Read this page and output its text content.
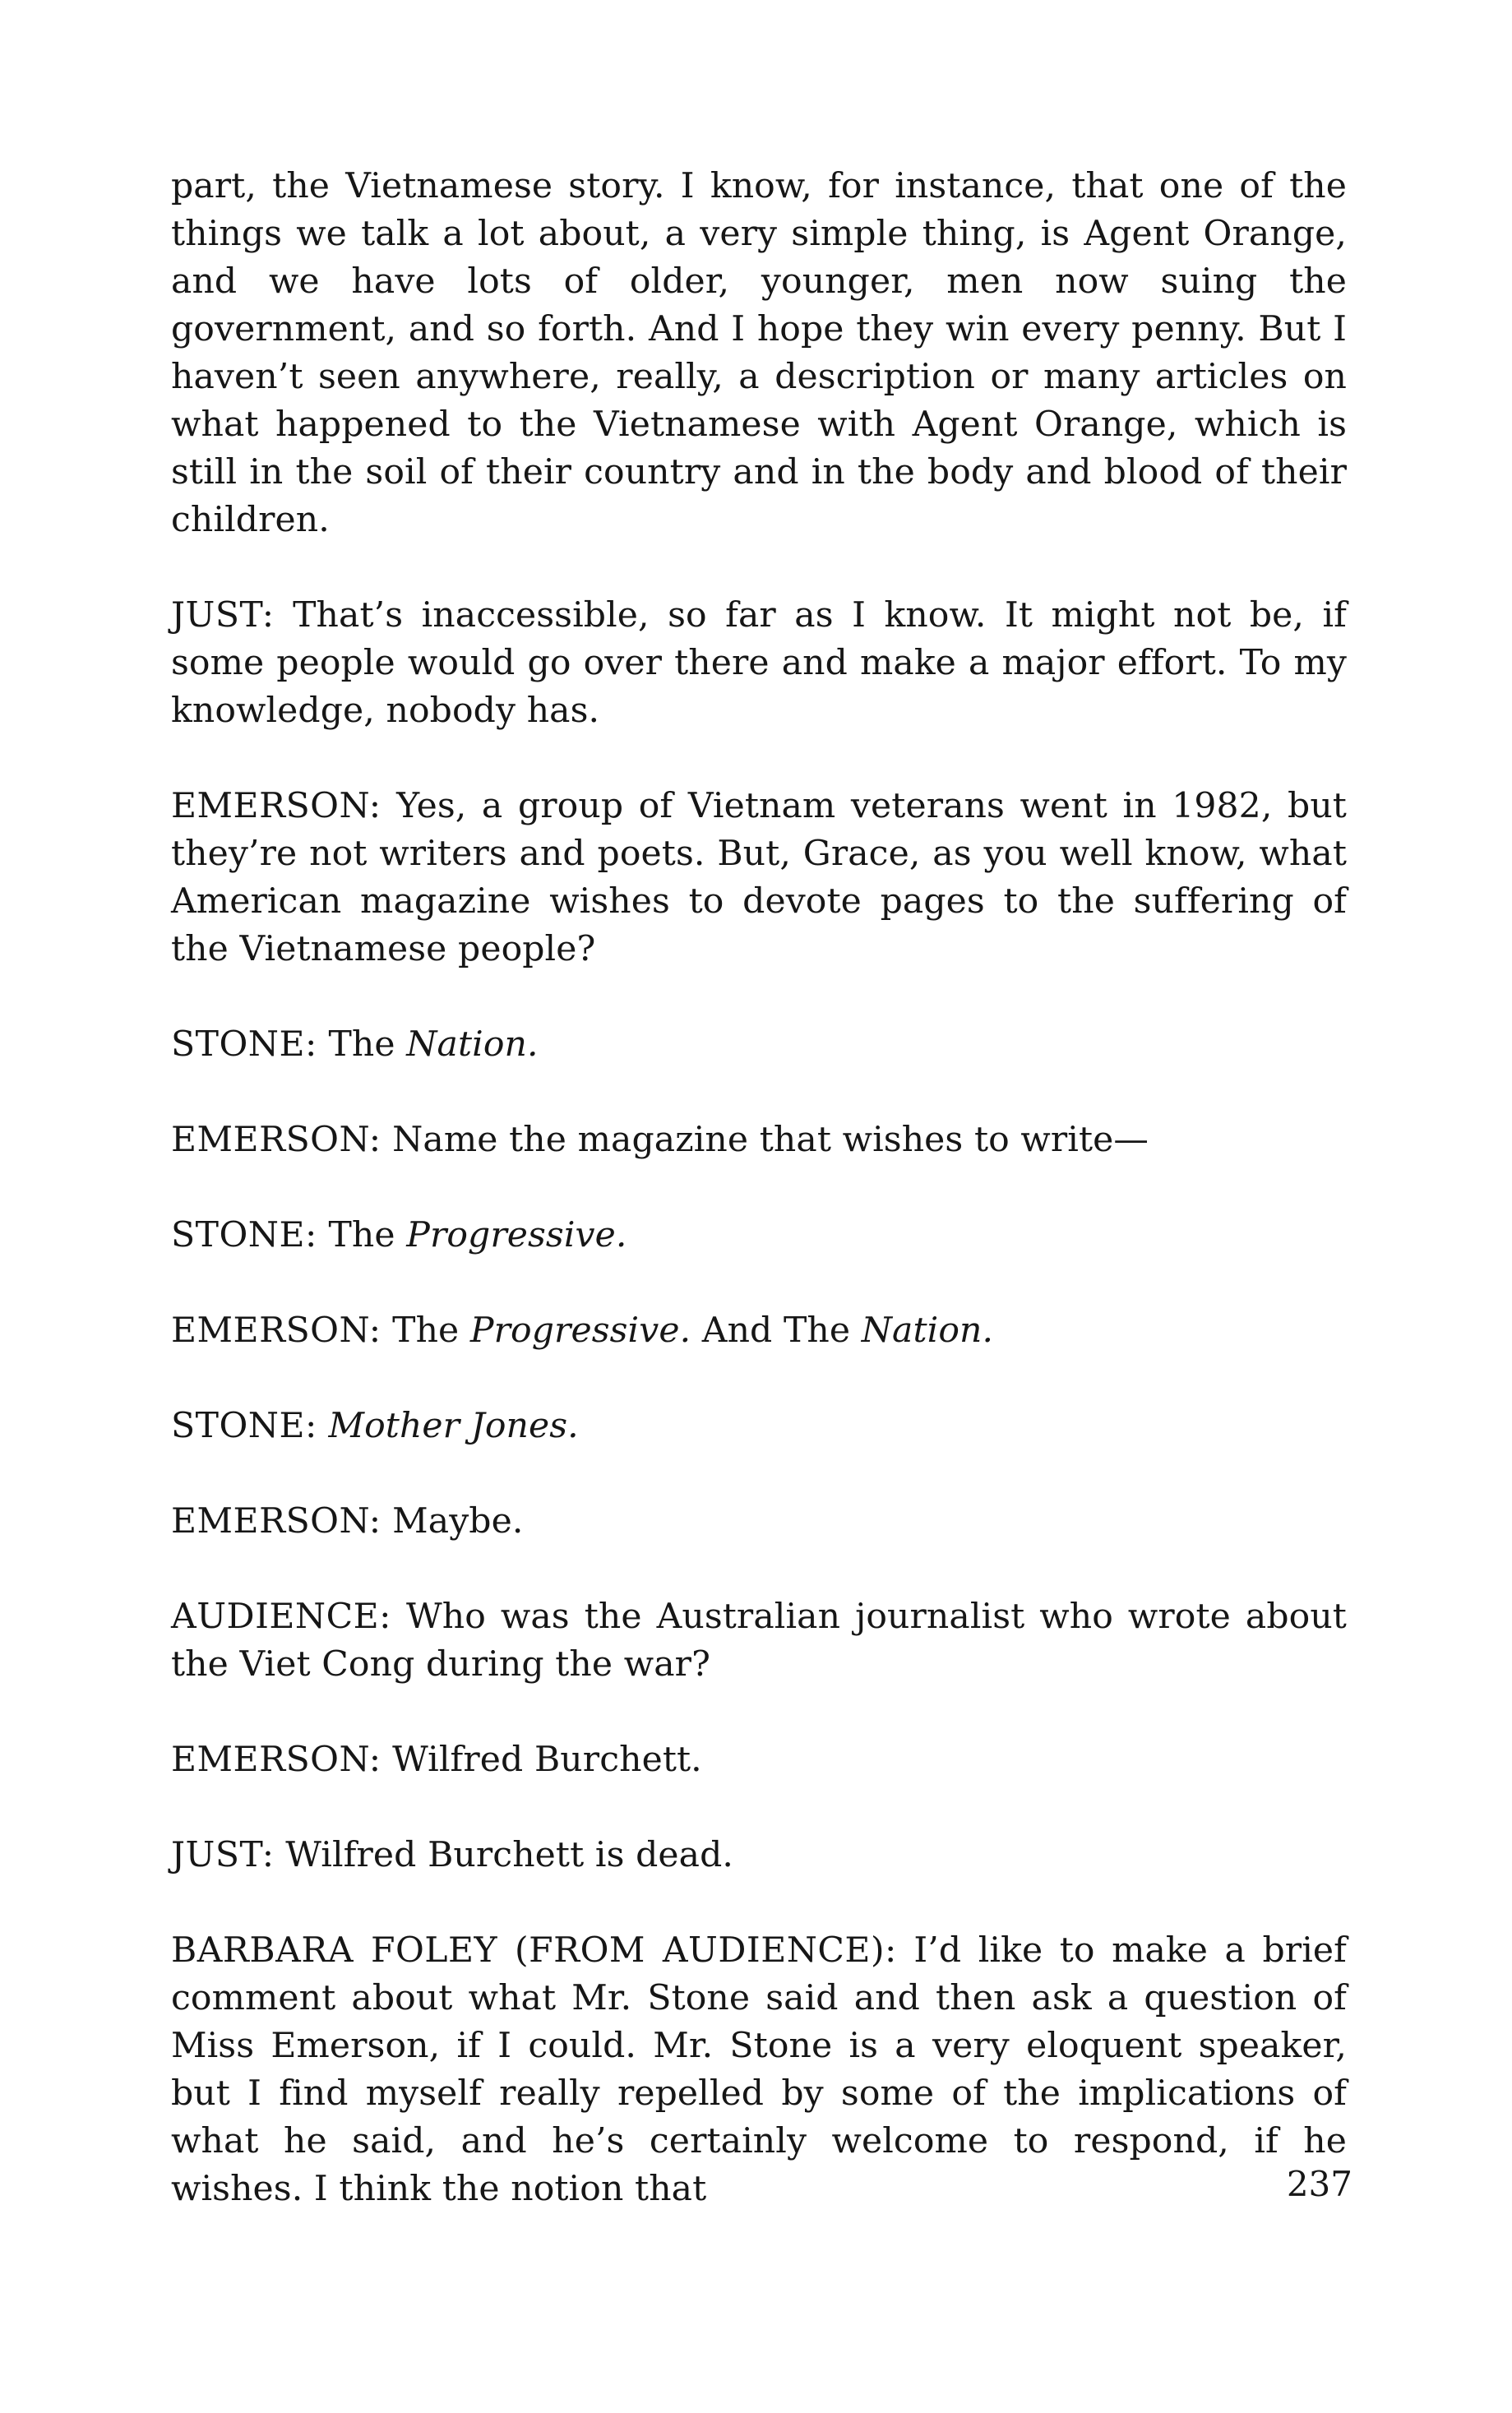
part, the Vietnamese story. I know, for instance, that one of the things we talk a lot about, a very simple thing, is Agent Orange, and we have lots of older, younger, men now suing the government, and so forth. And I hope they win every penny. But I haven’t seen anywhere, really, a description or many articles on what happened to the Vietnamese with Agent Orange, which is still in the soil of their country and in the body and blood of their children.

JUST: That’s inaccessible, so far as I know. It might not be, if some people would go over there and make a major effort. To my knowledge, nobody has.

EMERSON: Yes, a group of Vietnam veterans went in 1982, but they’re not writers and poets. But, Grace, as you well know, what American magazine wishes to devote pages to the suffering of the Vietnamese people?

STONE: The Nation.

EMERSON: Name the magazine that wishes to write—

STONE: The Progressive.

EMERSON: The Progressive. And The Nation.

STONE: Mother Jones.

EMERSON: Maybe.

AUDIENCE: Who was the Australian journalist who wrote about the Viet Cong during the war?

EMERSON: Wilfred Burchett.

JUST: Wilfred Burchett is dead.

BARBARA FOLEY (FROM AUDIENCE): I’d like to make a brief comment about what Mr. Stone said and then ask a question of Miss Emerson, if I could. Mr. Stone is a very eloquent speaker, but I find myself really repelled by some of the implications of what he said, and he’s certainly welcome to respond, if he wishes. I think the notion that	237
